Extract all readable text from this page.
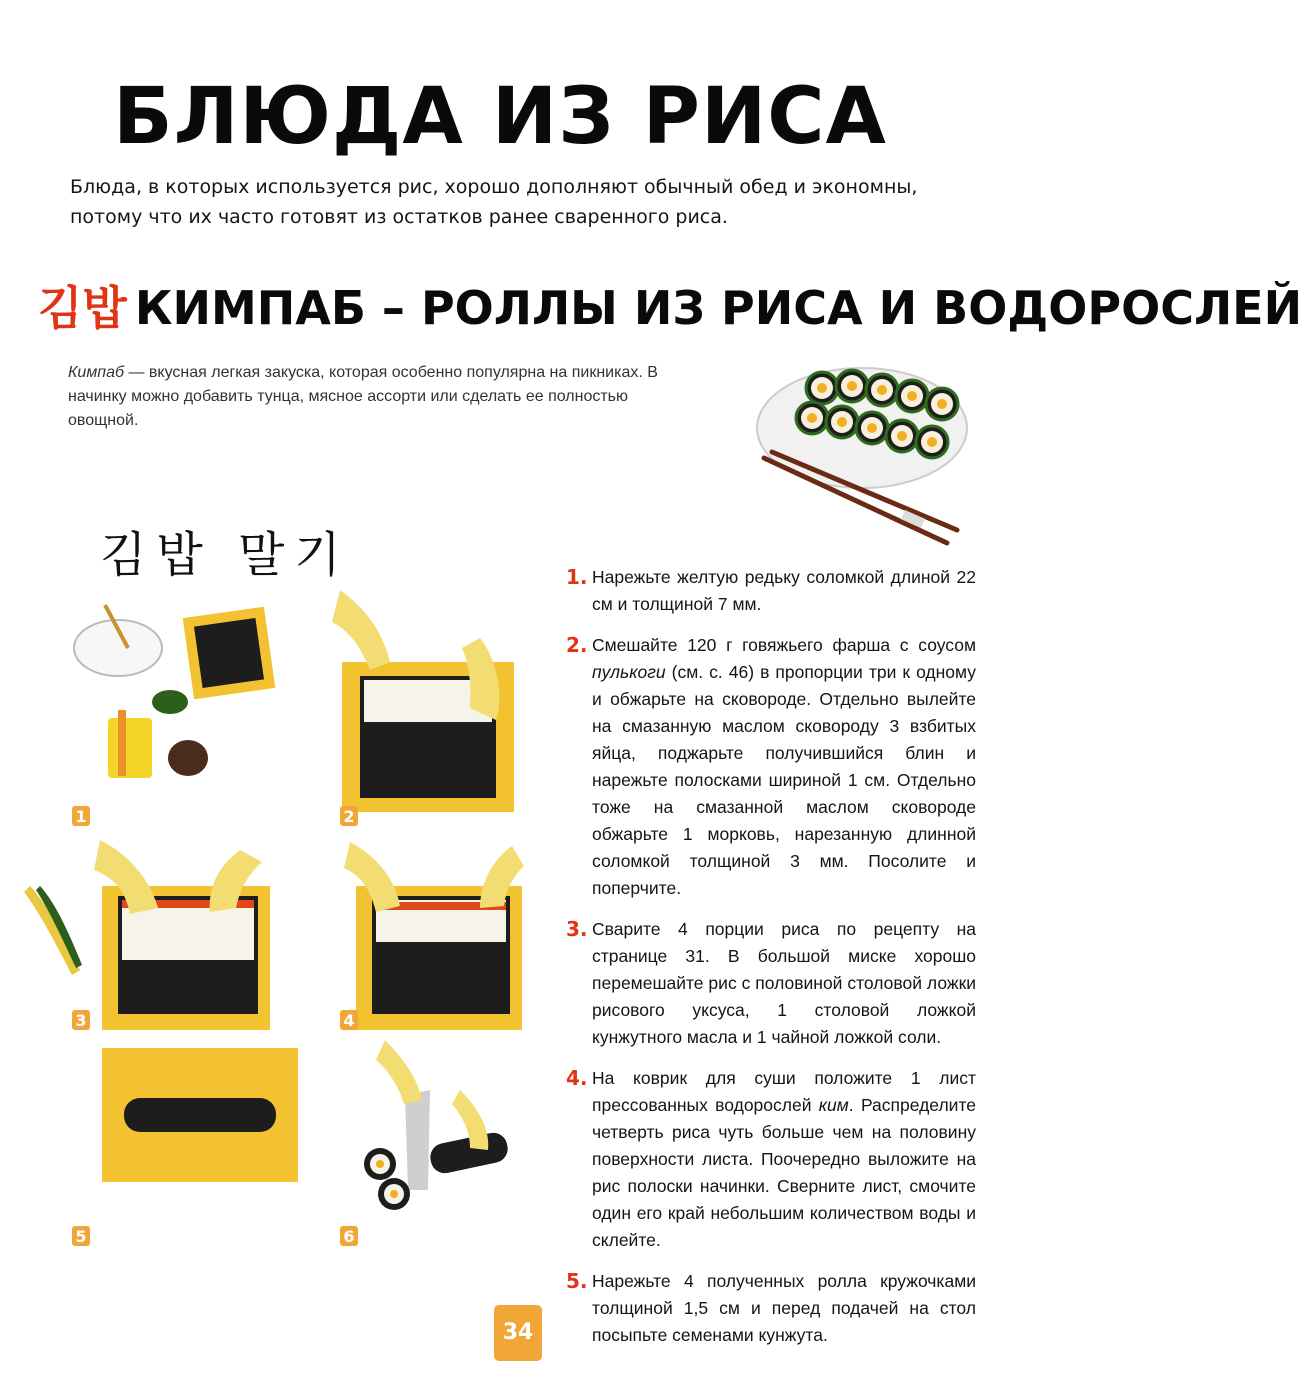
БЛЮДА ИЗ РИСА

Блюда, в которых используется рис, хорошо дополняют обычный обед и экономны, потому что их часто готовят из остатков ранее сваренного риса.

김밥 КИМПАБ – РОЛЛЫ ИЗ РИСА И ВОДОРОСЛЕЙ

Кимпаб — вкусная легкая закуска, которая особенно популярна на пикниках. В начинку можно добавить тунца, мясное ассорти или сделать ее полностью овощной.

김밥 말기
1	2
3	4
5	6
1. Нарежьте желтую редьку соломкой длиной 22 см и толщиной 7 мм.
2. Смешайте 120 г говяжьего фарша с соусом пулькоги (см. с. 46) в пропорции три к одному и обжарьте на сковороде. Отдельно вылейте на смазанную маслом сковороду 3 взбитых яйца, поджарьте получившийся блин и нарежьте полосками шириной 1 см. Отдельно тоже на смазанной маслом сковороде обжарьте 1 морковь, нарезанную длинной соломкой толщиной 3 мм. Посолите и поперчите.
3. Сварите 4 порции риса по рецепту на странице 31. В большой миске хорошо перемешайте рис с половиной столовой ложки рисового уксуса, 1 столовой ложкой кунжутного масла и 1 чайной ложкой соли.
4. На коврик для суши положите 1 лист прессованных водорослей ким. Распределите четверть риса чуть больше чем на половину поверхности листа. Поочередно выложите на рис полоски начинки. Сверните лист, смочите один его край небольшим количеством воды и склейте.
5. Нарежьте 4 полученных ролла кружочками толщиной 1,5 см и перед подачей на стол посыпьте семенами кунжута.
34
